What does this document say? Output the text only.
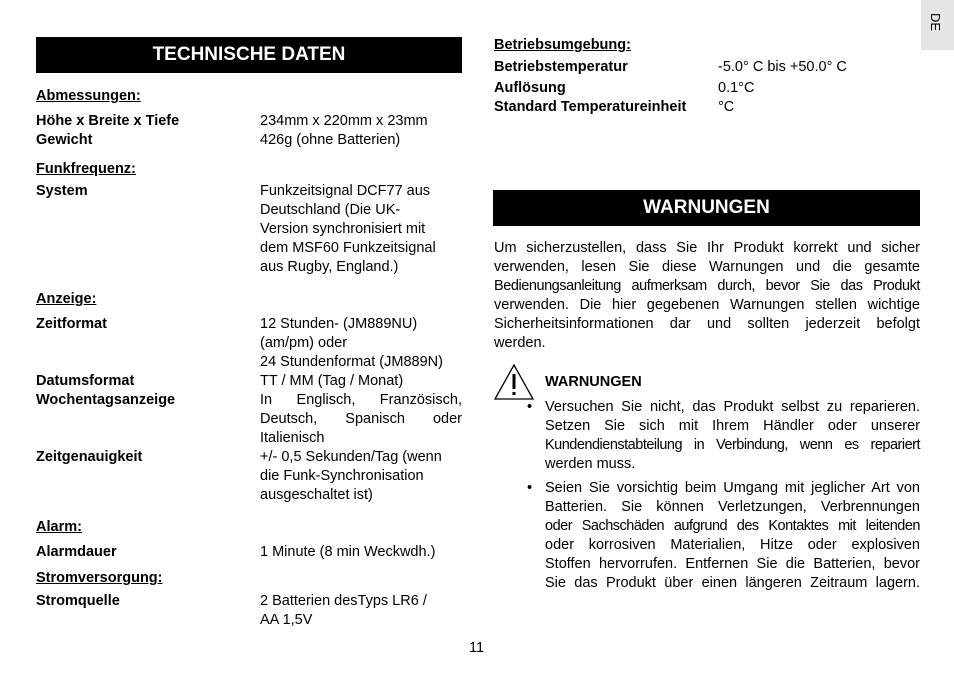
DE
TECHNISCHE DATEN
Abmessungen:
Höhe x Breite x Tiefe	234mm x 220mm x 23mm
Gewicht	426g (ohne Batterien)
Funkfrequenz:
System	Funkzeitsignal DCF77 aus
Deutschland (Die UK-
Version synchronisiert mit
dem MSF60 Funkzeitsignal
aus Rugby, England.)
Anzeige:
Zeitformat	12 Stunden- (JM889NU)
(am/pm) oder
24 Stundenformat (JM889N)
Datumsformat	TT / MM (Tag / Monat)
Wochentagsanzeige	In Englisch, Französisch,
Deutsch, Spanisch oder
Italienisch
Zeitgenauigkeit	+/- 0,5 Sekunden/Tag (wenn
die Funk-Synchronisation
ausgeschaltet ist)
Alarm:
Alarmdauer	1 Minute (8 min Weckwdh.)
Stromversorgung:
Stromquelle	2 Batterien desTyps LR6 /
AA 1,5V
Betriebsumgebung:
Betriebstemperatur	-5.0° C bis +50.0° C
Auflösung	0.1°C
Standard Temperatureinheit °C
WARNUNGEN
Um sicherzustellen, dass Sie Ihr Produkt korrekt und sicher
verwenden, lesen Sie diese Warnungen und die gesamte
Bedienungsanleitung aufmerksam durch, bevor Sie das Produkt
verwenden. Die hier gegebenen Warnungen stellen wichtige
Sicherheitsinformationen dar und sollten jederzeit befolgt
werden.
WARNUNGEN
• Versuchen Sie nicht, das Produkt selbst zu reparieren.
Setzen Sie sich mit Ihrem Händler oder unserer
Kundendienstabteilung in Verbindung, wenn es repariert
werden muss.
• Seien Sie vorsichtig beim Umgang mit jeglicher Art von
Batterien. Sie können Verletzungen, Verbrennungen
oder Sachschäden aufgrund des Kontaktes mit leitenden
oder korrosiven Materialien, Hitze oder explosiven
Stoffen hervorrufen. Entfernen Sie die Batterien, bevor
Sie das Produkt über einen längeren Zeitraum lagern.
11
